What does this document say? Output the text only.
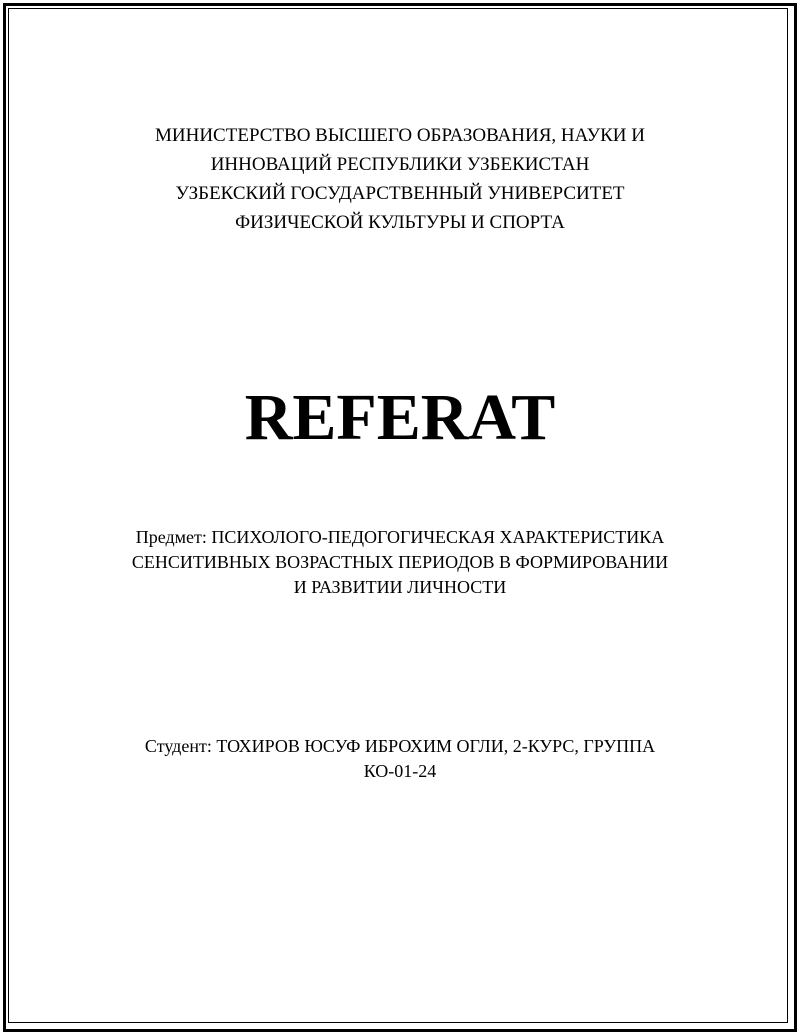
МИНИСТЕРСТВО ВЫСШЕГО ОБРАЗОВАНИЯ, НАУКИ И
ИННОВАЦИЙ РЕСПУБЛИКИ УЗБЕКИСТАН
УЗБЕКСКИЙ ГОСУДАРСТВЕННЫЙ УНИВЕРСИТЕТ
ФИЗИЧЕСКОЙ КУЛЬТУРЫ И СПОРТА
REFERAT
Предмет: ПСИХОЛОГО-ПЕДОГОГИЧЕСКАЯ ХАРАКТЕРИСТИКА
СЕНСИТИВНЫХ ВОЗРАСТНЫХ ПЕРИОДОВ В ФОРМИРОВАНИИ
И РАЗВИТИИ ЛИЧНОСТИ
Студент: ТОХИРОВ ЮСУФ ИБРОХИМ ОГЛИ, 2-КУРС, ГРУППА
КО-01-24
